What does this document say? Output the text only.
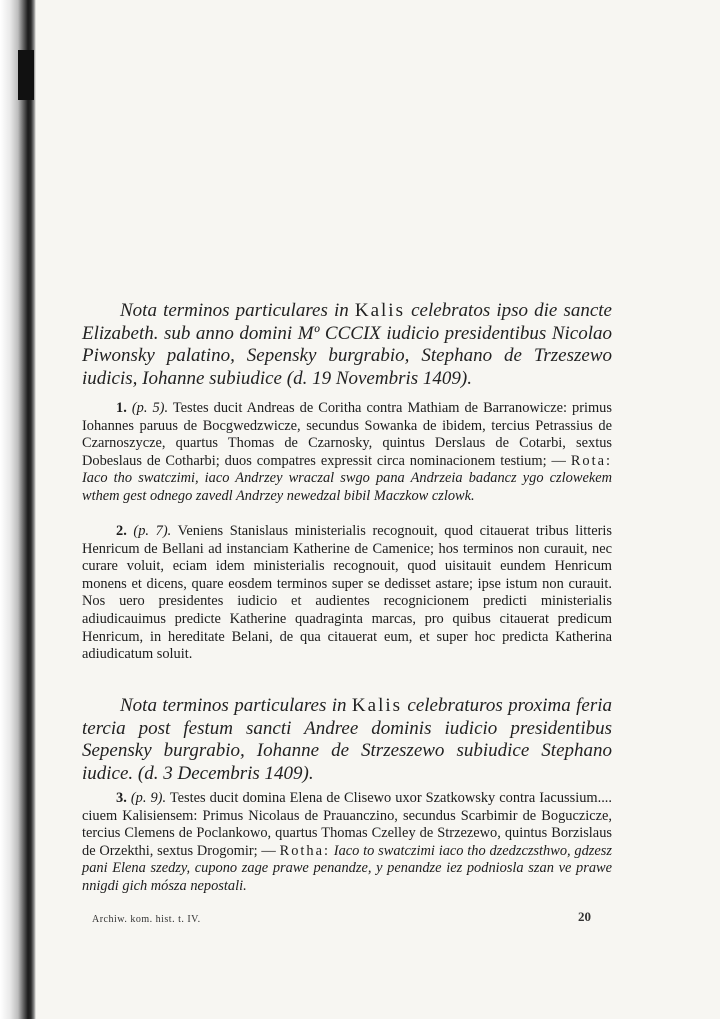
Nota terminos particulares in Kalis celebratos ipso die sancte Elizabeth. sub anno domini Mº CCCIX iudicio presidentibus Nicolao Piwonsky palatino, Sepensky burgrabio, Stephano de Trzeszewo iudicis, Iohanne subiudice (d. 19 Novembris 1409).
1. (p. 5). Testes ducit Andreas de Coritha contra Mathiam de Barranowicze: primus Iohannes paruus de Bocgwedzwicze, secundus Sowanka de ibidem, tercius Petrassius de Czarnoszycze, quartus Thomas de Czarnosky, quintus Derslaus de Cotarbi, sextus Dobeslaus de Cotharbi; duos compatres expressit circa nominacionem testium; — Rota: Iaco tho swatczimi, iaco Andrzey wraczal swgo pana Andrzeia badancz ygo czlowekem wthem gest odnego zavedl Andrzey newedzal bibil Maczkow czlowk.
2. (p. 7). Veniens Stanislaus ministerialis recognouit, quod citauerat tribus litteris Henricum de Bellani ad instanciam Katherine de Camenice; hos terminos non curauit, nec curare voluit, eciam idem ministerialis recognouit, quod uisitauit eundem Henricum monens et dicens, quare eosdem terminos super se dedisset astare; ipse istum non curauit. Nos uero presidentes iudicio et audientes recognicionem predicti ministerialis adiudicauimus predicte Katherine quadraginta marcas, pro quibus citauerat predicum Henricum, in hereditate Belani, de qua citauerat eum, et super hoc predicta Katherina adiudicatum soluit.
Nota terminos particulares in Kalis celebraturos proxima feria tercia post festum sancti Andree dominis iudicio presidentibus Sepensky burgrabio, Iohanne de Strzeszewo subiudice Stephano iudice. (d. 3 Decembris 1409).
3. (p. 9). Testes ducit domina Elena de Clisewo uxor Szatkowsky contra Iacussium.... ciuem Kalisiensem: Primus Nicolaus de Prauanczino, secundus Scarbimir de Boguczicze, tercius Clemens de Poclankowo, quartus Thomas Czelley de Strzezewo, quintus Borzislaus de Orzekthi, sextus Drogomir; — Rotha: Iaco to swatczimi iaco tho dzedzczsthwo, gdzesz pani Elena szedzy, cupono zage prawe penandze, y penandze iez podniosla szan ve prawe nnigdi gich mósza nepostali.
Archiw. kom. hist. t. IV.	20
